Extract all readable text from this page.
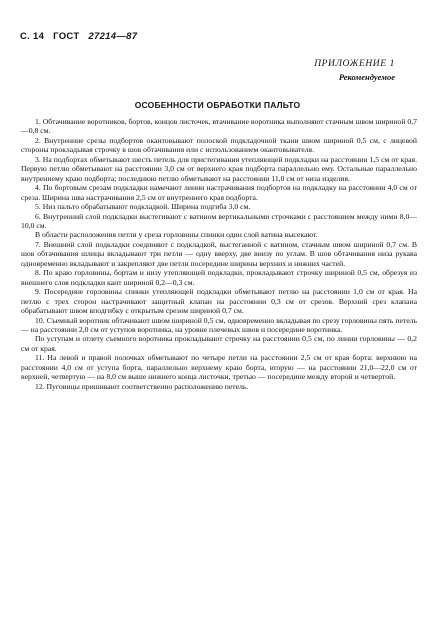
С. 14 ГОСТ 27214—87
ПРИЛОЖЕНИЕ 1
Рекомендуемое
ОСОБЕННОСТИ ОБРАБОТКИ ПАЛЬТО

1. Обтачивание воротников, бортов, концов листочек, втачивание воротника выполняют стачным швом шириной 0,7—0,8 см.

2. Внутренние срезы подбортов окантовывают полоской подкладочной ткани швом шириной 0,5 см, с лицевой стороны прокладывая строчку в шов обтачивания или с использованием окантовывателя.

3. На подбортах обметывают шесть петель для пристегивания утепляющей подкладки на расстоянии 1,5 см от края. Первую петлю обметывают на расстоянии 3,0 см от верхнего края подборта параллельно ему. Остальные параллельно внутреннему краю подборта; последнюю петлю обметывают на расстоянии 11,0 см от низа изделия.

4. По бортовым срезам подкладки намечают линии настрачивания подбортов на подкладку на расстоянии 4,0 см от среза. Ширина шва настрачивания 2,5 см от внутреннего края подборта.

5. Низ пальто обрабатывают подкладкой. Ширина подгиба 3,0 см.

6. Внутренний слой подкладки выстегивают с ватином вертикальными строчками с расстоянием между ними 8,0—10,0 см.

В области расположения петли у среза горловины спинки один слой ватина высекают.

7. Внешний слой подкладки соединяют с подкладкой, выстеганной с ватином, стачным швом шириной 0,7 см. В шов обтачивания шлицы вкладывают три петли — одну вверху, две внизу по углам. В шов обтачивания низа рукава одновременно вкладывают и закрепляют две петли посередине ширины верхних и нижних частей.

8. По краю горловины, бортам и низу утепляющей подкладки, прокладывают строчку шириной 0,5 см, обрезуя из внешнего слоя подкладки кант шириной 0,2—0,3 см.

9. Посередине горловины спинки утепляющей подкладки обметывают петлю на расстоянии 1,0 см от края. На петлю с трех сторон настрачивают защитный клапан на расстоянии 0,3 см от срезов. Верхний срез клапана обрабатывают швом вподгибку с открытым срезом шириной 0,7 см.

10. Съемный воротник обтачивают швом шириной 0,5 см, одновременно вкладывая по срезу горловины пять петель — на расстоянии 2,0 см от уступов воротника, на уровне плечевых швов и посередине воротника.

По уступам и отлету съемного воротника прокладывают строчку на расстоянии 0,5 см, по линии горловины — 0,2 см от края.

11. На левой и правой полочках обметывают по четыре петли на расстоянии 2,5 см от края борта: верхнюю на расстоянии 4,0 см от уступа борта, параллельно верхнему краю борта, вторую — на расстоянии 21,0—22,0 см от верхней, четвертую — на 8,0 см выше нижнего конца листочки, третью — посередине между второй и четвертой.

12. Пуговицы пришивают соответственно расположению петель.
